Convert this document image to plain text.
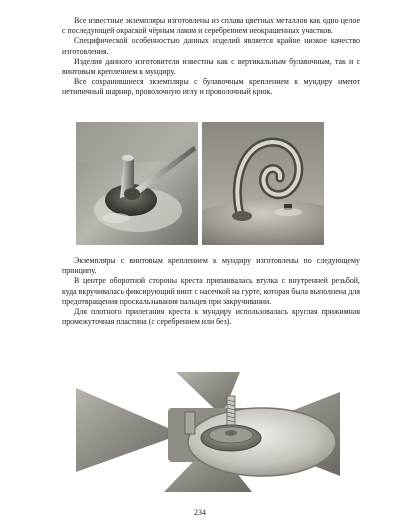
Все известные экземпляры изготовлены из сплава цветных металлов как одно целое с последующей окраской чёрным лаком и серебрением неокрашенных участков.

Специфической особенностью данных изделий является крайне низкое качество изготовления.

Изделия данного изготовителя известны как с вертикальным булавочным, так и с винтовым креплением к мундиру.

Все сохранившиеся экземпляры с булавочным креплением к мундиру имеют нетипичный шарнир, проволочную иглу и проволочный крюк.

Экземпляры с винтовым креплением к мундиру изготовлены по следующему принципу.

В центре оборотной стороны креста припаивалась втулка с внутренней резьбой, куда вкручивалась фиксирующий винт с насечкой на гурте, которая была выполнена для предотвращения проскальзывания пальцев при закручивании.

Для плотного прилегания креста к мундиру использовалась круглая прижимная промежуточная пластина (с серебрением или без).

234
